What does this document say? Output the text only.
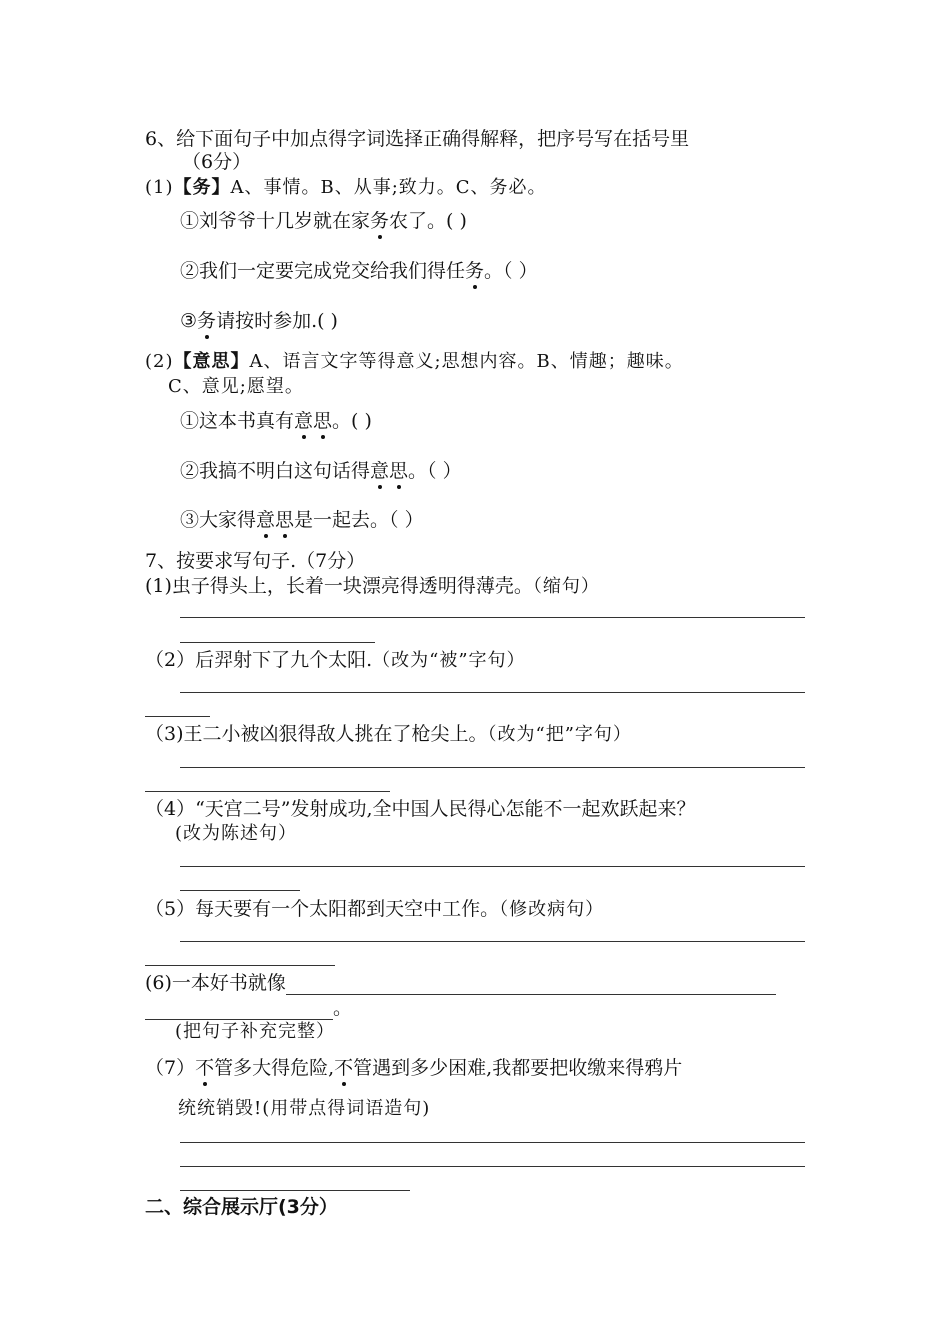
6、给下面句子中加点得字词选择正确得解释，把序号写在括号里
（6分）
(1)【务】A、事情。B、从事;致力。C、务必。
①刘爷爷十几岁就在家务农了。( )
②我们一定要完成党交给我们得任务。（ ）
③务请按时参加.( )
(2)【意思】A、语言文字等得意义;思想内容。B、情趣；趣味。
C、意见;愿望。
①这本书真有意思。( )
②我搞不明白这句话得意思。（ ）
③大家得意思是一起去。（ ）
7、按要求写句子.（7分）
(1)虫子得头上，长着一块漂亮得透明得薄壳。（缩句）
（2）后羿射下了九个太阳.（改为“被”字句）
（3)王二小被凶狠得敌人挑在了枪尖上。（改为“把”字句）
（4）“天宫二号”发射成功,全中国人民得心怎能不一起欢跃起来？
(改为陈述句）
（5）每天要有一个太阳都到天空中工作。（修改病句）
(6)一本好书就像
。
(把句子补充完整）
（7）不管多大得危险,不管遇到多少困难,我都要把收缴来得鸦片
统统销毁!(用带点得词语造句)
二、综合展示厅(3分）
